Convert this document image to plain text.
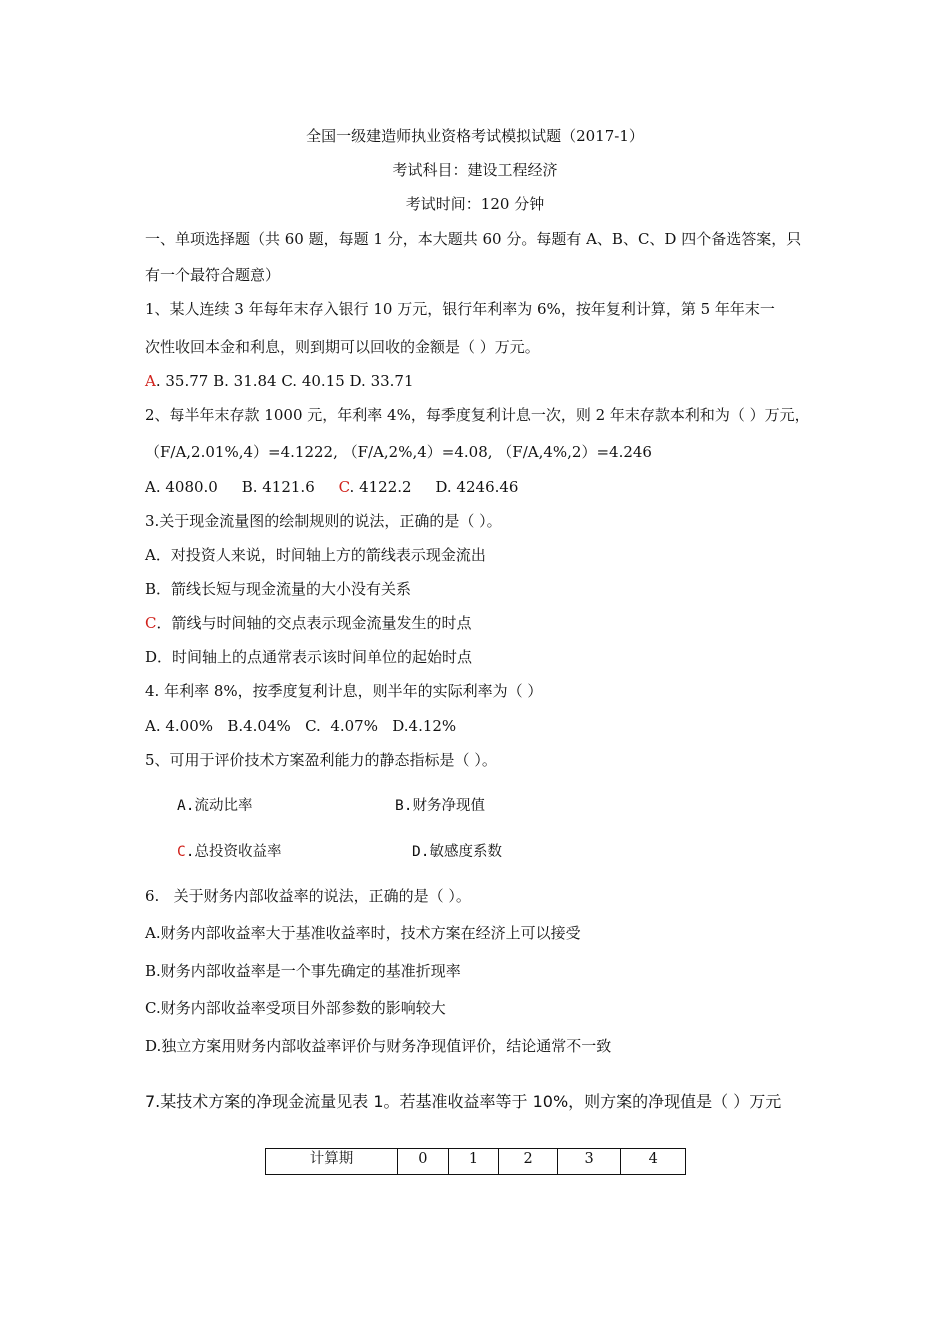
全国一级建造师执业资格考试模拟试题（2017-1）
考试科目：建设工程经济
考试时间：120 分钟
一、单项选择题（共 60 题，每题 1 分，本大题共 60 分。每题有 A、B、C、D 四个备选答案，只
有一个最符合题意）
1、某人连续 3 年每年末存入银行 10 万元，银行年利率为 6%，按年复利计算，第 5 年年末一
次性收回本金和利息，则到期可以回收的金额是（ ）万元。
A. 35.77 B. 31.84 C. 40.15 D. 33.71
2、每半年末存款 1000 元，年利率 4%，每季度复利计息一次，则 2 年末存款本利和为（ ）万元，
（F/A,2.01%,4）=4.1222, （F/A,2%,4）=4.08, （F/A,4%,2）=4.246
A. 4080.0     B. 4121.6     C. 4122.2     D. 4246.46
3.关于现金流量图的绘制规则的说法，正确的是（ ）。
A．对投资人来说，时间轴上方的箭线表示现金流出
B．箭线长短与现金流量的大小没有关系
C．箭线与时间轴的交点表示现金流量发生的时点
D．时间轴上的点通常表示该时间单位的起始时点
4. 年利率 8%，按季度复利计息，则半年的实际利率为（ ）
A. 4.00%   B.4.04%   C.  4.07%   D.4.12%
5、可用于评价技术方案盈利能力的静态指标是（ ）。
A.流动比率	B.财务净现值
C.总投资收益率	D.敏感度系数
6.   关于财务内部收益率的说法，正确的是（ ）。
A.财务内部收益率大于基准收益率时，技术方案在经济上可以接受
B.财务内部收益率是一个事先确定的基准折现率
C.财务内部收益率受项目外部参数的影响较大
D.独立方案用财务内部收益率评价与财务净现值评价，结论通常不一致
7.某技术方案的净现金流量见表 1。若基准收益率等于 10%，则方案的净现值是（ ）万元
计算期	0	1	2	3	4
